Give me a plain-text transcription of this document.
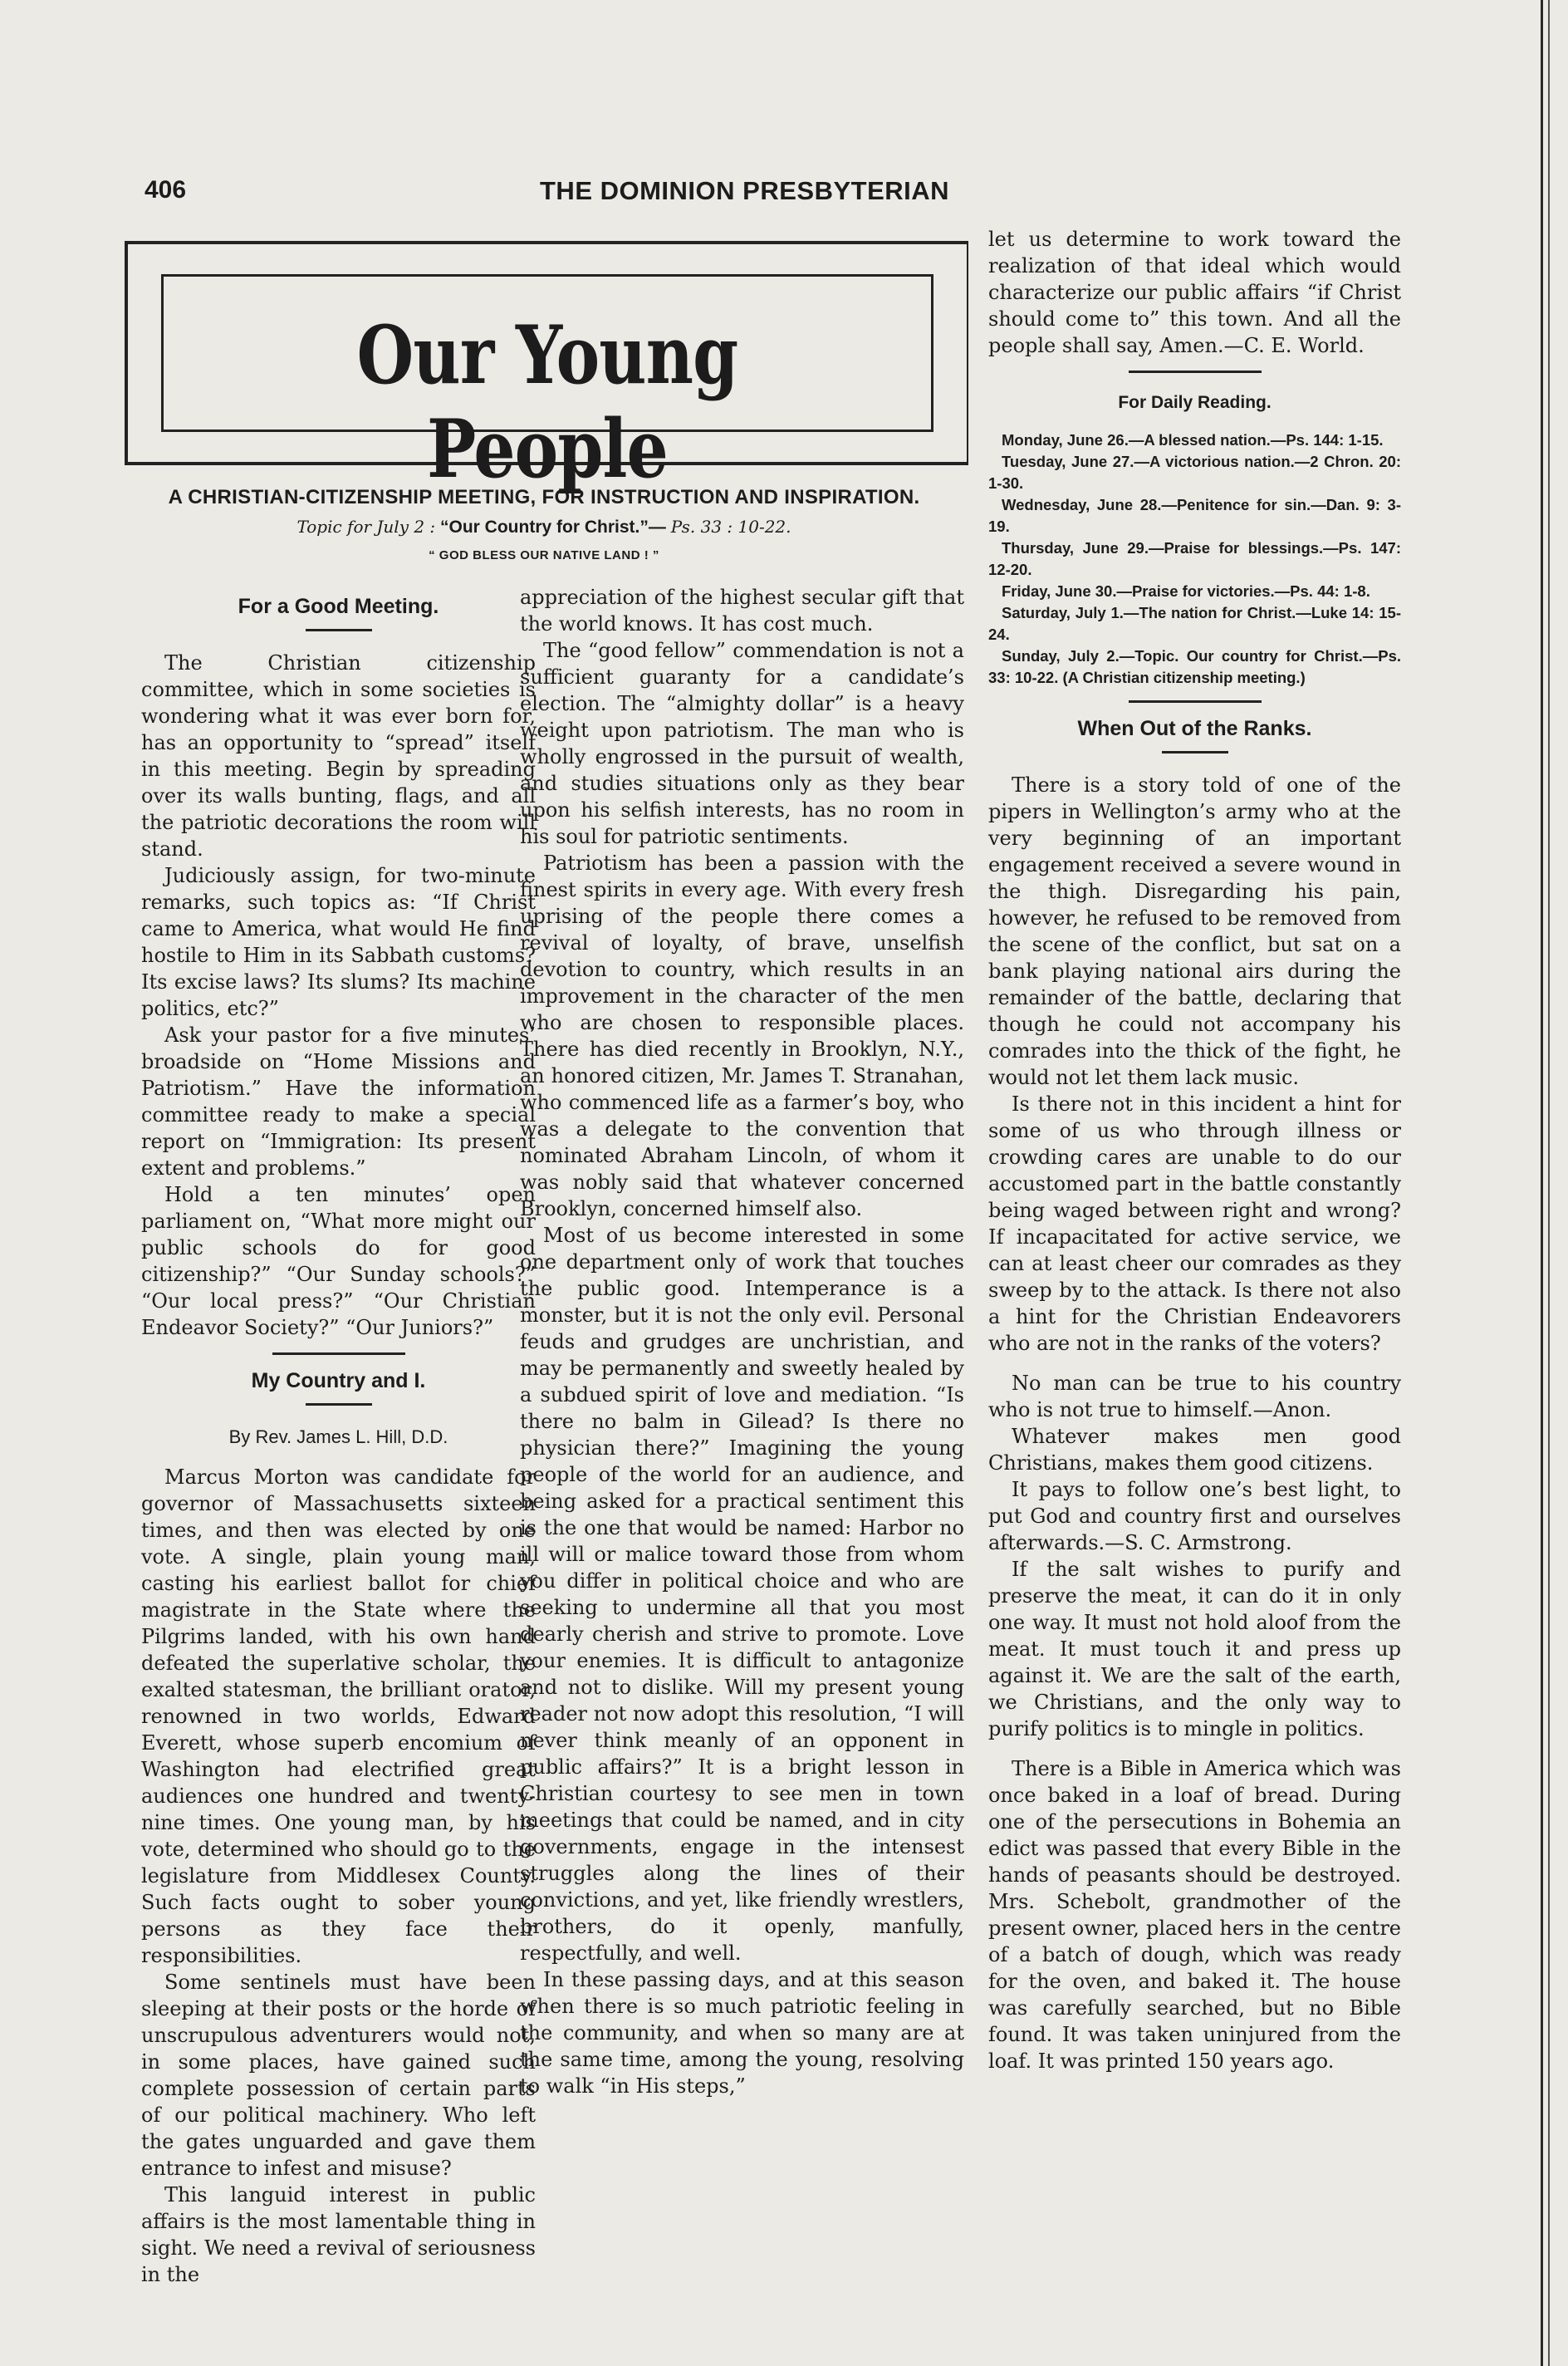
406	THE DOMINION PRESBYTERIAN
Our Young People
A CHRISTIAN-CITIZENSHIP MEETING, FOR INSTRUCTION AND INSPIRATION.
Topic for July 2 : “Our Country for Christ.”— Ps. 33 : 10-22.
“ GOD BLESS OUR NATIVE LAND ! ”
For a Good Meeting.

The Christian citizenship committee, which in some societies is wondering what it was ever born for, has an opportunity to “spread” itself in this meeting. Begin by spreading over its walls bunting, flags, and all the patriotic decorations the room will stand.

Judiciously assign, for two-minute remarks, such topics as: “If Christ came to America, what would He find hostile to Him in its Sabbath customs? Its excise laws? Its slums? Its machine politics, etc?”

Ask your pastor for a five minutes’ broadside on “Home Missions and Patriotism.” Have the information committee ready to make a special report on “Immigration: Its present extent and problems.”

Hold a ten minutes’ open parliament on, “What more might our public schools do for good citizenship?” “Our Sunday schools?” “Our local press?” “Our Christian Endeavor Society?” “Our Juniors?”

My Country and I.
By Rev. James L. Hill, D.D.

Marcus Morton was candidate for governor of Massachusetts sixteen times, and then was elected by one vote. A single, plain young man, casting his earliest ballot for chief magistrate in the State where the Pilgrims landed, with his own hand defeated the superlative scholar, the exalted statesman, the brilliant orator, renowned in two worlds, Edward Everett, whose superb encomium of Washington had electrified great audiences one hundred and twenty-nine times. One young man, by his vote, determined who should go to the legislature from Middlesex County. Such facts ought to sober young persons as they face their responsibilities.

Some sentinels must have been sleeping at their posts or the horde of unscrupulous adventurers would not, in some places, have gained such complete possession of certain parts of our political machinery. Who left the gates unguarded and gave them entrance to infest and misuse?

This languid interest in public affairs is the most lamentable thing in sight. We need a revival of seriousness in the

appreciation of the highest secular gift that the world knows. It has cost much.

The “good fellow” commendation is not a sufficient guaranty for a candidate’s election. The “almighty dollar” is a heavy weight upon patriotism. The man who is wholly engrossed in the pursuit of wealth, and studies situations only as they bear upon his selfish interests, has no room in his soul for patriotic sentiments.

Patriotism has been a passion with the finest spirits in every age. With every fresh uprising of the people there comes a revival of loyalty, of brave, unselfish devotion to country, which results in an improvement in the character of the men who are chosen to responsible places. There has died recently in Brooklyn, N.Y., an honored citizen, Mr. James T. Stranahan, who commenced life as a farmer’s boy, who was a delegate to the convention that nominated Abraham Lincoln, of whom it was nobly said that whatever concerned Brooklyn, concerned himself also.

Most of us become interested in some one department only of work that touches the public good. Intemperance is a monster, but it is not the only evil. Personal feuds and grudges are unchristian, and may be permanently and sweetly healed by a subdued spirit of love and mediation. “Is there no balm in Gilead? Is there no physician there?” Imagining the young people of the world for an audience, and being asked for a practical sentiment this is the one that would be named: Harbor no ill will or malice toward those from whom you differ in political choice and who are seeking to undermine all that you most dearly cherish and strive to promote. Love your enemies. It is difficult to antagonize and not to dislike. Will my present young reader not now adopt this resolution, “I will never think meanly of an opponent in public affairs?” It is a bright lesson in Christian courtesy to see men in town meetings that could be named, and in city governments, engage in the intensest struggles along the lines of their convictions, and yet, like friendly wrestlers, brothers, do it openly, manfully, respectfully, and well.

In these passing days, and at this season when there is so much patriotic feeling in the community, and when so many are at the same time, among the young, resolving to walk “in His steps,”

let us determine to work toward the realization of that ideal which would characterize our public affairs “if Christ should come to” this town. And all the people shall say, Amen.—C. E. World.

For Daily Reading.

Monday, June 26.—A blessed nation.—Ps. 144: 1-15.

Tuesday, June 27.—A victorious nation.—2 Chron. 20: 1-30.

Wednesday, June 28.—Penitence for sin.—Dan. 9: 3-19.

Thursday, June 29.—Praise for blessings.—Ps. 147: 12-20.

Friday, June 30.—Praise for victories.—Ps. 44: 1-8.

Saturday, July 1.—The nation for Christ.—Luke 14: 15-24.

Sunday, July 2.—Topic. Our country for Christ.—Ps. 33: 10-22. (A Christian citizenship meeting.)

When Out of the Ranks.

There is a story told of one of the pipers in Wellington’s army who at the very beginning of an important engagement received a severe wound in the thigh. Disregarding his pain, however, he refused to be removed from the scene of the conflict, but sat on a bank playing national airs during the remainder of the battle, declaring that though he could not accompany his comrades into the thick of the fight, he would not let them lack music.

Is there not in this incident a hint for some of us who through illness or crowding cares are unable to do our accustomed part in the battle constantly being waged between right and wrong? If incapacitated for active service, we can at least cheer our comrades as they sweep by to the attack. Is there not also a hint for the Christian Endeavorers who are not in the ranks of the voters?

No man can be true to his country who is not true to himself.—Anon.

Whatever makes men good Christians, makes them good citizens.

It pays to follow one’s best light, to put God and country first and ourselves afterwards.—S. C. Armstrong.

If the salt wishes to purify and preserve the meat, it can do it in only one way. It must not hold aloof from the meat. It must touch it and press up against it. We are the salt of the earth, we Christians, and the only way to purify politics is to mingle in politics.

There is a Bible in America which was once baked in a loaf of bread. During one of the persecutions in Bohemia an edict was passed that every Bible in the hands of peasants should be destroyed. Mrs. Schebolt, grandmother of the present owner, placed hers in the centre of a batch of dough, which was ready for the oven, and baked it. The house was carefully searched, but no Bible found. It was taken uninjured from the loaf. It was printed 150 years ago.
